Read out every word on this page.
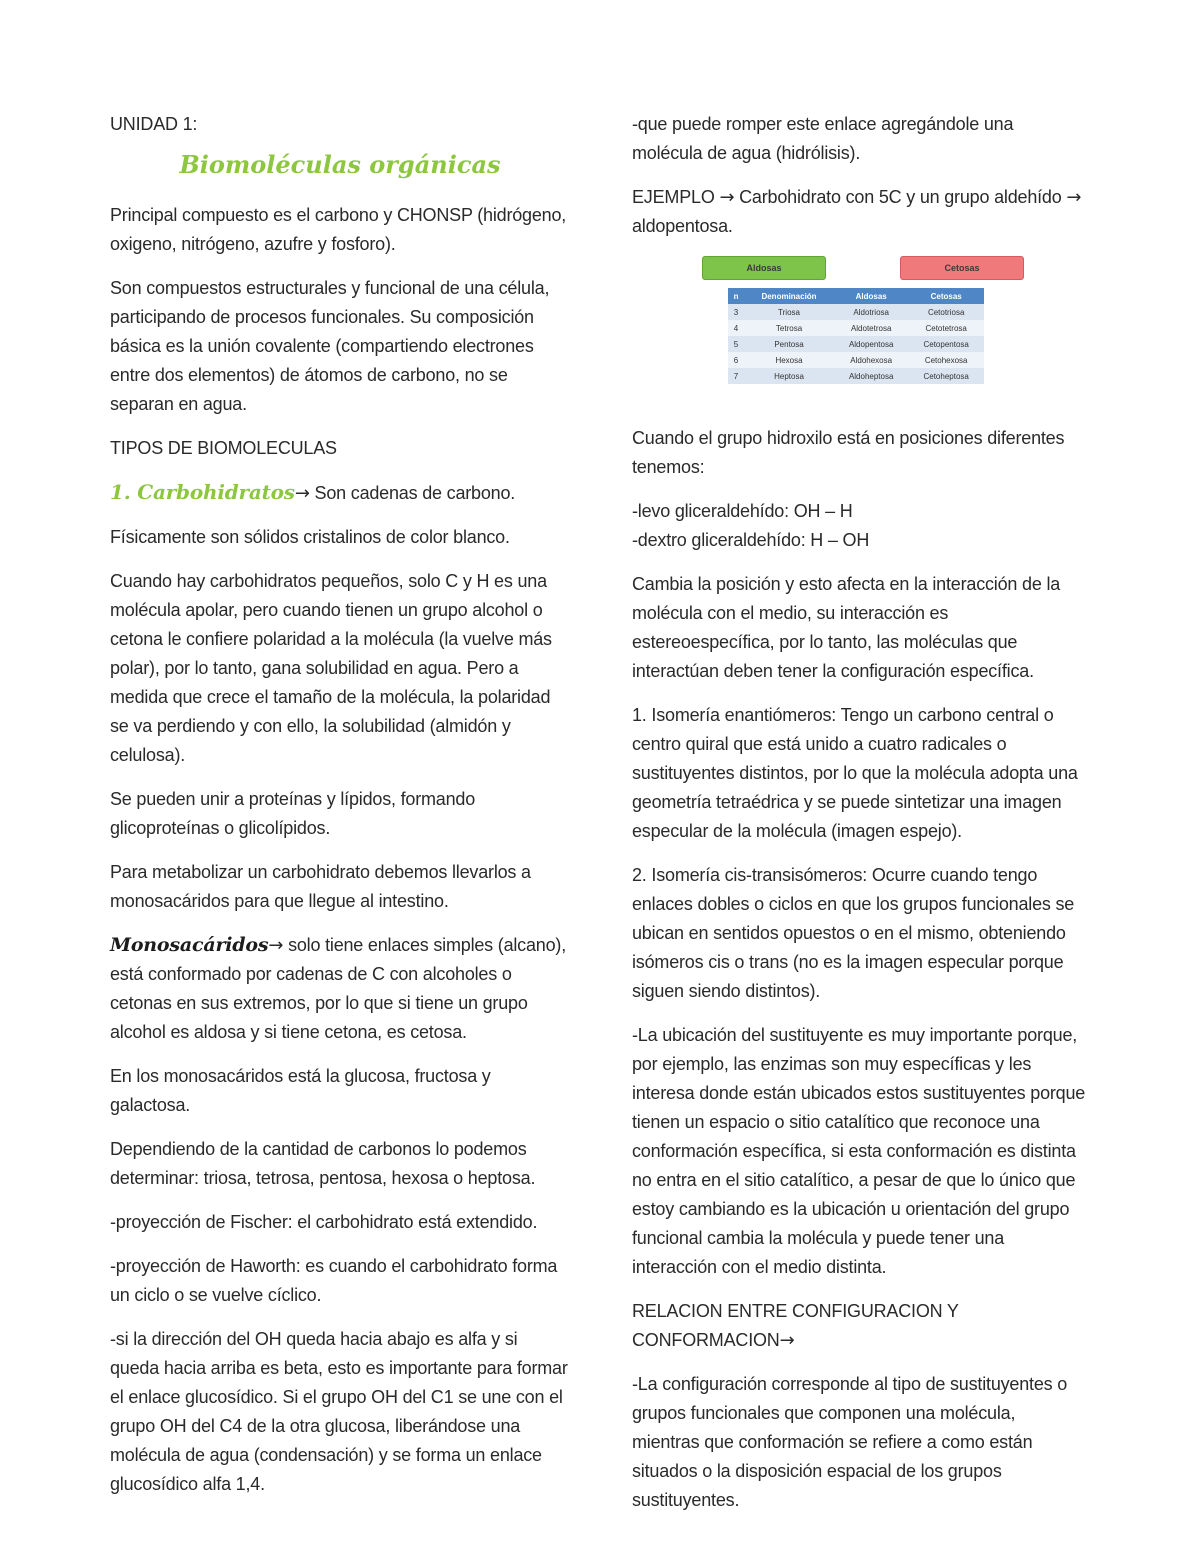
UNIDAD 1:

Biomoléculas orgánicas

Principal compuesto es el carbono y CHONSP (hidrógeno, oxigeno, nitrógeno, azufre y fosforo).

Son compuestos estructurales y funcional de una célula, participando de procesos funcionales. Su composición básica es la unión covalente (compartiendo electrones entre dos elementos) de átomos de carbono, no se separan en agua.

TIPOS DE BIOMOLECULAS

1. Carbohidratos→ Son cadenas de carbono.

Físicamente son sólidos cristalinos de color blanco.

Cuando hay carbohidratos pequeños, solo C y H es una molécula apolar, pero cuando tienen un grupo alcohol o cetona le confiere polaridad a la molécula (la vuelve más polar), por lo tanto, gana solubilidad en agua. Pero a medida que crece el tamaño de la molécula, la polaridad se va perdiendo y con ello, la solubilidad (almidón y celulosa).

Se pueden unir a proteínas y lípidos, formando glicoproteínas o glicolípidos.

Para metabolizar un carbohidrato debemos llevarlos a monosacáridos para que llegue al intestino.

Monosacáridos→ solo tiene enlaces simples (alcano), está conformado por cadenas de C con alcoholes o cetonas en sus extremos, por lo que si tiene un grupo alcohol es aldosa y si tiene cetona, es cetosa.

En los monosacáridos está la glucosa, fructosa y galactosa.

Dependiendo de la cantidad de carbonos lo podemos determinar: triosa, tetrosa, pentosa, hexosa o heptosa.

-proyección de Fischer: el carbohidrato está extendido.

-proyección de Haworth: es cuando el carbohidrato forma un ciclo o se vuelve cíclico.

-si la dirección del OH queda hacia abajo es alfa y si queda hacia arriba es beta, esto es importante para formar el enlace glucosídico. Si el grupo OH del C1 se une con el grupo OH del C4 de la otra glucosa, liberándose una molécula de agua (condensación) y se forma un enlace glucosídico alfa 1,4.

-que puede romper este enlace agregándole una molécula de agua (hidrólisis).

EJEMPLO → Carbohidrato con 5C y un grupo aldehído → aldopentosa.

Aldosas	Cetosas
n	Denominación	Aldosas	Cetosas
3	Triosa	Aldotriosa	Cetotriosa
4	Tetrosa	Aldotetrosa	Cetotetrosa
5	Pentosa	Aldopentosa	Cetopentosa
6	Hexosa	Aldohexosa	Cetohexosa
7	Heptosa	Aldoheptosa	Cetoheptosa

Cuando el grupo hidroxilo está en posiciones diferentes tenemos:

-levo gliceraldehído: OH – H
-dextro gliceraldehído: H – OH

Cambia la posición y esto afecta en la interacción de la molécula con el medio, su interacción es estereoespecífica, por lo tanto, las moléculas que interactúan deben tener la configuración específica.

1. Isomería enantiómeros: Tengo un carbono central o centro quiral que está unido a cuatro radicales o sustituyentes distintos, por lo que la molécula adopta una geometría tetraédrica y se puede sintetizar una imagen especular de la molécula (imagen espejo).

2. Isomería cis-transisómeros: Ocurre cuando tengo enlaces dobles o ciclos en que los grupos funcionales se ubican en sentidos opuestos o en el mismo, obteniendo isómeros cis o trans (no es la imagen especular porque siguen siendo distintos).

-La ubicación del sustituyente es muy importante porque, por ejemplo, las enzimas son muy específicas y les interesa donde están ubicados estos sustituyentes porque tienen un espacio o sitio catalítico que reconoce una conformación específica, si esta conformación es distinta no entra en el sitio catalítico, a pesar de que lo único que estoy cambiando es la ubicación u orientación del grupo funcional cambia la molécula y puede tener una interacción con el medio distinta.

RELACION ENTRE CONFIGURACION Y CONFORMACION→

-La configuración corresponde al tipo de sustituyentes o grupos funcionales que componen una molécula, mientras que conformación se refiere a como están situados o la disposición espacial de los grupos sustituyentes.
